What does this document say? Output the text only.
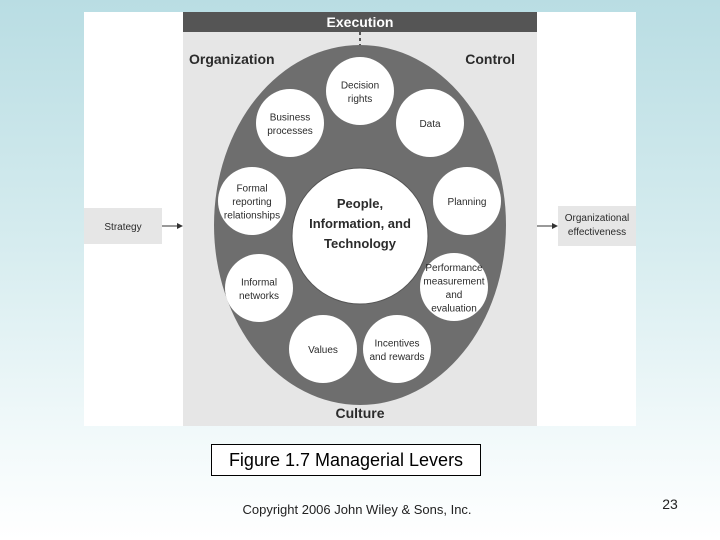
Execution
Organization	Control
Culture
People,
Information, and
Technology
Decision
rights
Data
Planning
Performance
measurement
and
evaluation
Incentives
and rewards
Values
Informal
networks
Formal
reporting
relationships
Business
processes
Strategy
Organizational
effectiveness
Figure 1.7 Managerial Levers
Copyright 2006 John Wiley & Sons, Inc.	23
